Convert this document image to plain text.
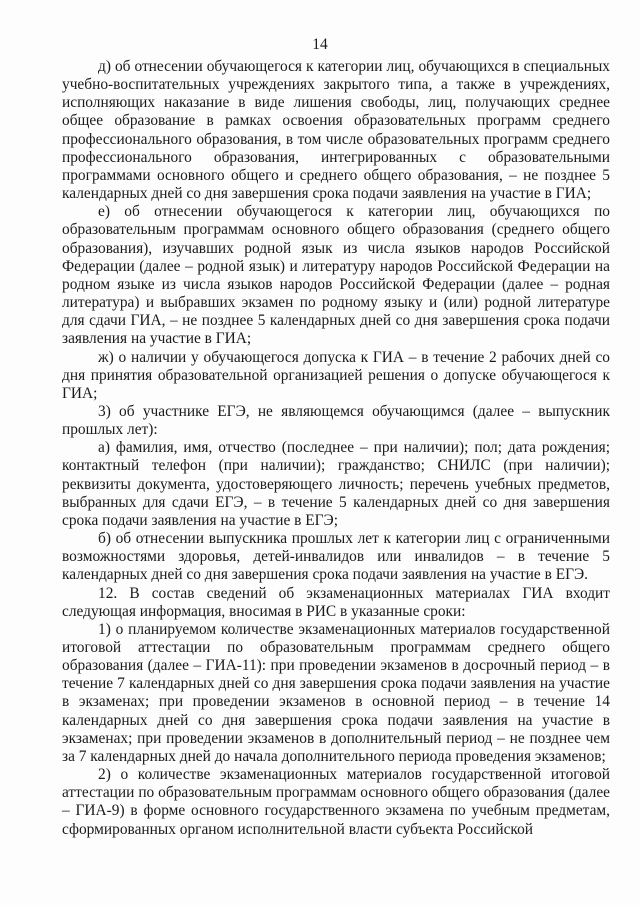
14

д) об отнесении обучающегося к категории лиц, обучающихся в специальных учебно-воспитательных учреждениях закрытого типа, а также в учреждениях, исполняющих наказание в виде лишения свободы, лиц, получающих среднее общее образование в рамках освоения образовательных программ среднего профессионального образования, в том числе образовательных программ среднего профессионального образования, интегрированных с образовательными программами основного общего и среднего общего образования, – не позднее 5 календарных дней со дня завершения срока подачи заявления на участие в ГИА;

е) об отнесении обучающегося к категории лиц, обучающихся по образовательным программам основного общего образования (среднего общего образования), изучавших родной язык из числа языков народов Российской Федерации (далее – родной язык) и литературу народов Российской Федерации на родном языке из числа языков народов Российской Федерации (далее – родная литература) и выбравших экзамен по родному языку и (или) родной литературе для сдачи ГИА, – не позднее 5 календарных дней со дня завершения срока подачи заявления на участие в ГИА;

ж) о наличии у обучающегося допуска к ГИА – в течение 2 рабочих дней со дня принятия образовательной организацией решения о допуске обучающегося к ГИА;

3) об участнике ЕГЭ, не являющемся обучающимся (далее – выпускник прошлых лет):

а) фамилия, имя, отчество (последнее – при наличии); пол; дата рождения; контактный телефон (при наличии); гражданство; СНИЛС (при наличии); реквизиты документа, удостоверяющего личность; перечень учебных предметов, выбранных для сдачи ЕГЭ, – в течение 5 календарных дней со дня завершения срока подачи заявления на участие в ЕГЭ;

б) об отнесении выпускника прошлых лет к категории лиц с ограниченными возможностями здоровья, детей-инвалидов или инвалидов – в течение 5 календарных дней со дня завершения срока подачи заявления на участие в ЕГЭ.

12. В состав сведений об экзаменационных материалах ГИА входит следующая информация, вносимая в РИС в указанные сроки:

1) о планируемом количестве экзаменационных материалов государственной итоговой аттестации по образовательным программам среднего общего образования (далее – ГИА-11): при проведении экзаменов в досрочный период – в течение 7 календарных дней со дня завершения срока подачи заявления на участие в экзаменах; при проведении экзаменов в основной период – в течение 14 календарных дней со дня завершения срока подачи заявления на участие в экзаменах; при проведении экзаменов в дополнительный период – не позднее чем за 7 календарных дней до начала дополнительного периода проведения экзаменов;

2) о количестве экзаменационных материалов государственной итоговой аттестации по образовательным программам основного общего образования (далее – ГИА-9) в форме основного государственного экзамена по учебным предметам, сформированных органом исполнительной власти субъекта Российской
